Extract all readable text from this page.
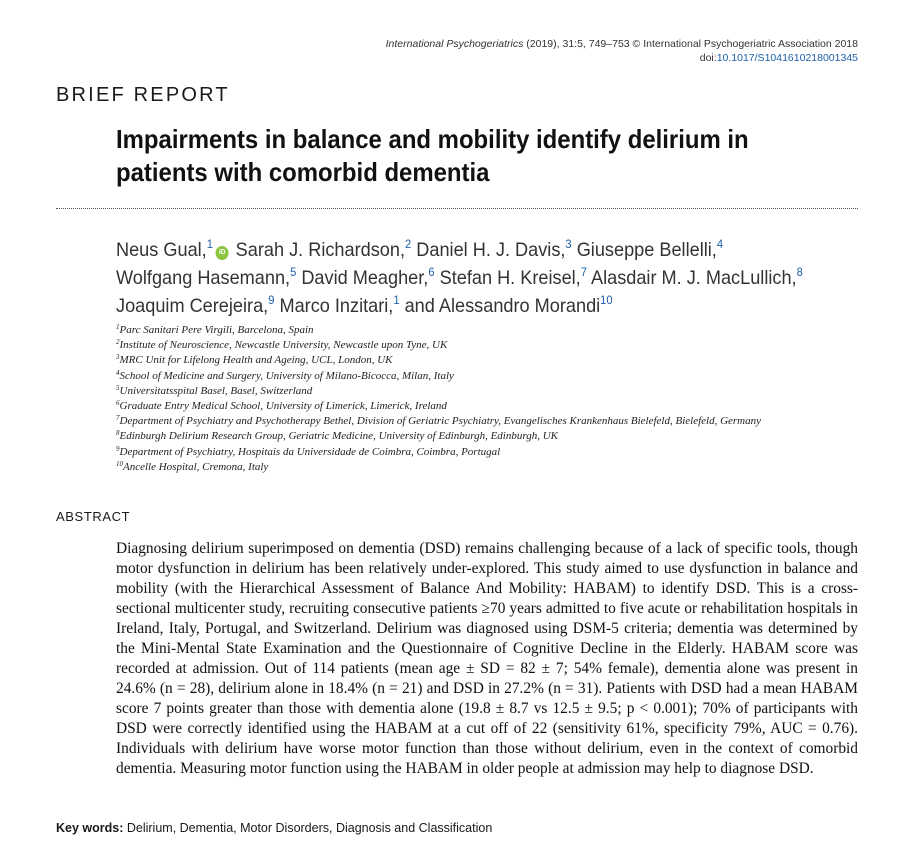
International Psychogeriatrics (2019), 31:5, 749–753 © International Psychogeriatric Association 2018
doi:10.1017/S1041610218001345
BRIEF REPORT
Impairments in balance and mobility identify delirium in patients with comorbid dementia
Neus Gual,$^1$iD Sarah J. Richardson,$^2$ Daniel H. J. Davis,$^3$ Giuseppe Bellelli,$^4$
Wolfgang Hasemann,$^5$ David Meagher,$^6$ Stefan H. Kreisel,$^7$ Alasdair M. J. MacLullich,$^8$
Joaquim Cerejeira,$^9$ Marco Inzitari,$^1$ and Alessandro Morandi$^{10}$
$^1$Parc Sanitari Pere Virgili, Barcelona, Spain
$^2$Institute of Neuroscience, Newcastle University, Newcastle upon Tyne, UK
$^3$MRC Unit for Lifelong Health and Ageing, UCL, London, UK
$^4$School of Medicine and Surgery, University of Milano-Bicocca, Milan, Italy
$^5$Universitatsspital Basel, Basel, Switzerland
$^6$Graduate Entry Medical School, University of Limerick, Limerick, Ireland
$^7$Department of Psychiatry and Psychotherapy Bethel, Division of Geriatric Psychiatry, Evangelisches Krankenhaus Bielefeld, Bielefeld, Germany
$^8$Edinburgh Delirium Research Group, Geriatric Medicine, University of Edinburgh, Edinburgh, UK
$^9$Department of Psychiatry, Hospitais da Universidade de Coimbra, Coimbra, Portugal
$^{10}$Ancelle Hospital, Cremona, Italy
ABSTRACT
Diagnosing delirium superimposed on dementia (DSD) remains challenging because of a lack of specific tools, though motor dysfunction in delirium has been relatively under-explored. This study aimed to use dysfunction in balance and mobility (with the Hierarchical Assessment of Balance And Mobility: HABAM) to identify DSD. This is a cross-sectional multicenter study, recruiting consecutive patients ≥70 years admitted to five acute or rehabilitation hospitals in Ireland, Italy, Portugal, and Switzerland. Delirium was diagnosed using DSM-5 criteria; dementia was determined by the Mini-Mental State Examination and the Questionnaire of Cognitive Decline in the Elderly. HABAM score was recorded at admission. Out of 114 patients (mean age ± SD = 82 ± 7; 54% female), dementia alone was present in 24.6% (n = 28), delirium alone in 18.4% (n = 21) and DSD in 27.2% (n = 31). Patients with DSD had a mean HABAM score 7 points greater than those with dementia alone (19.8 ± 8.7 vs 12.5 ± 9.5; p < 0.001); 70% of participants with DSD were correctly identified using the HABAM at a cut off of 22 (sensitivity 61%, specificity 79%, AUC = 0.76). Individuals with delirium have worse motor function than those without delirium, even in the context of comorbid dementia. Measuring motor function using the HABAM in older people at admission may help to diagnose DSD.
Key words: Delirium, Dementia, Motor Disorders, Diagnosis and Classification
